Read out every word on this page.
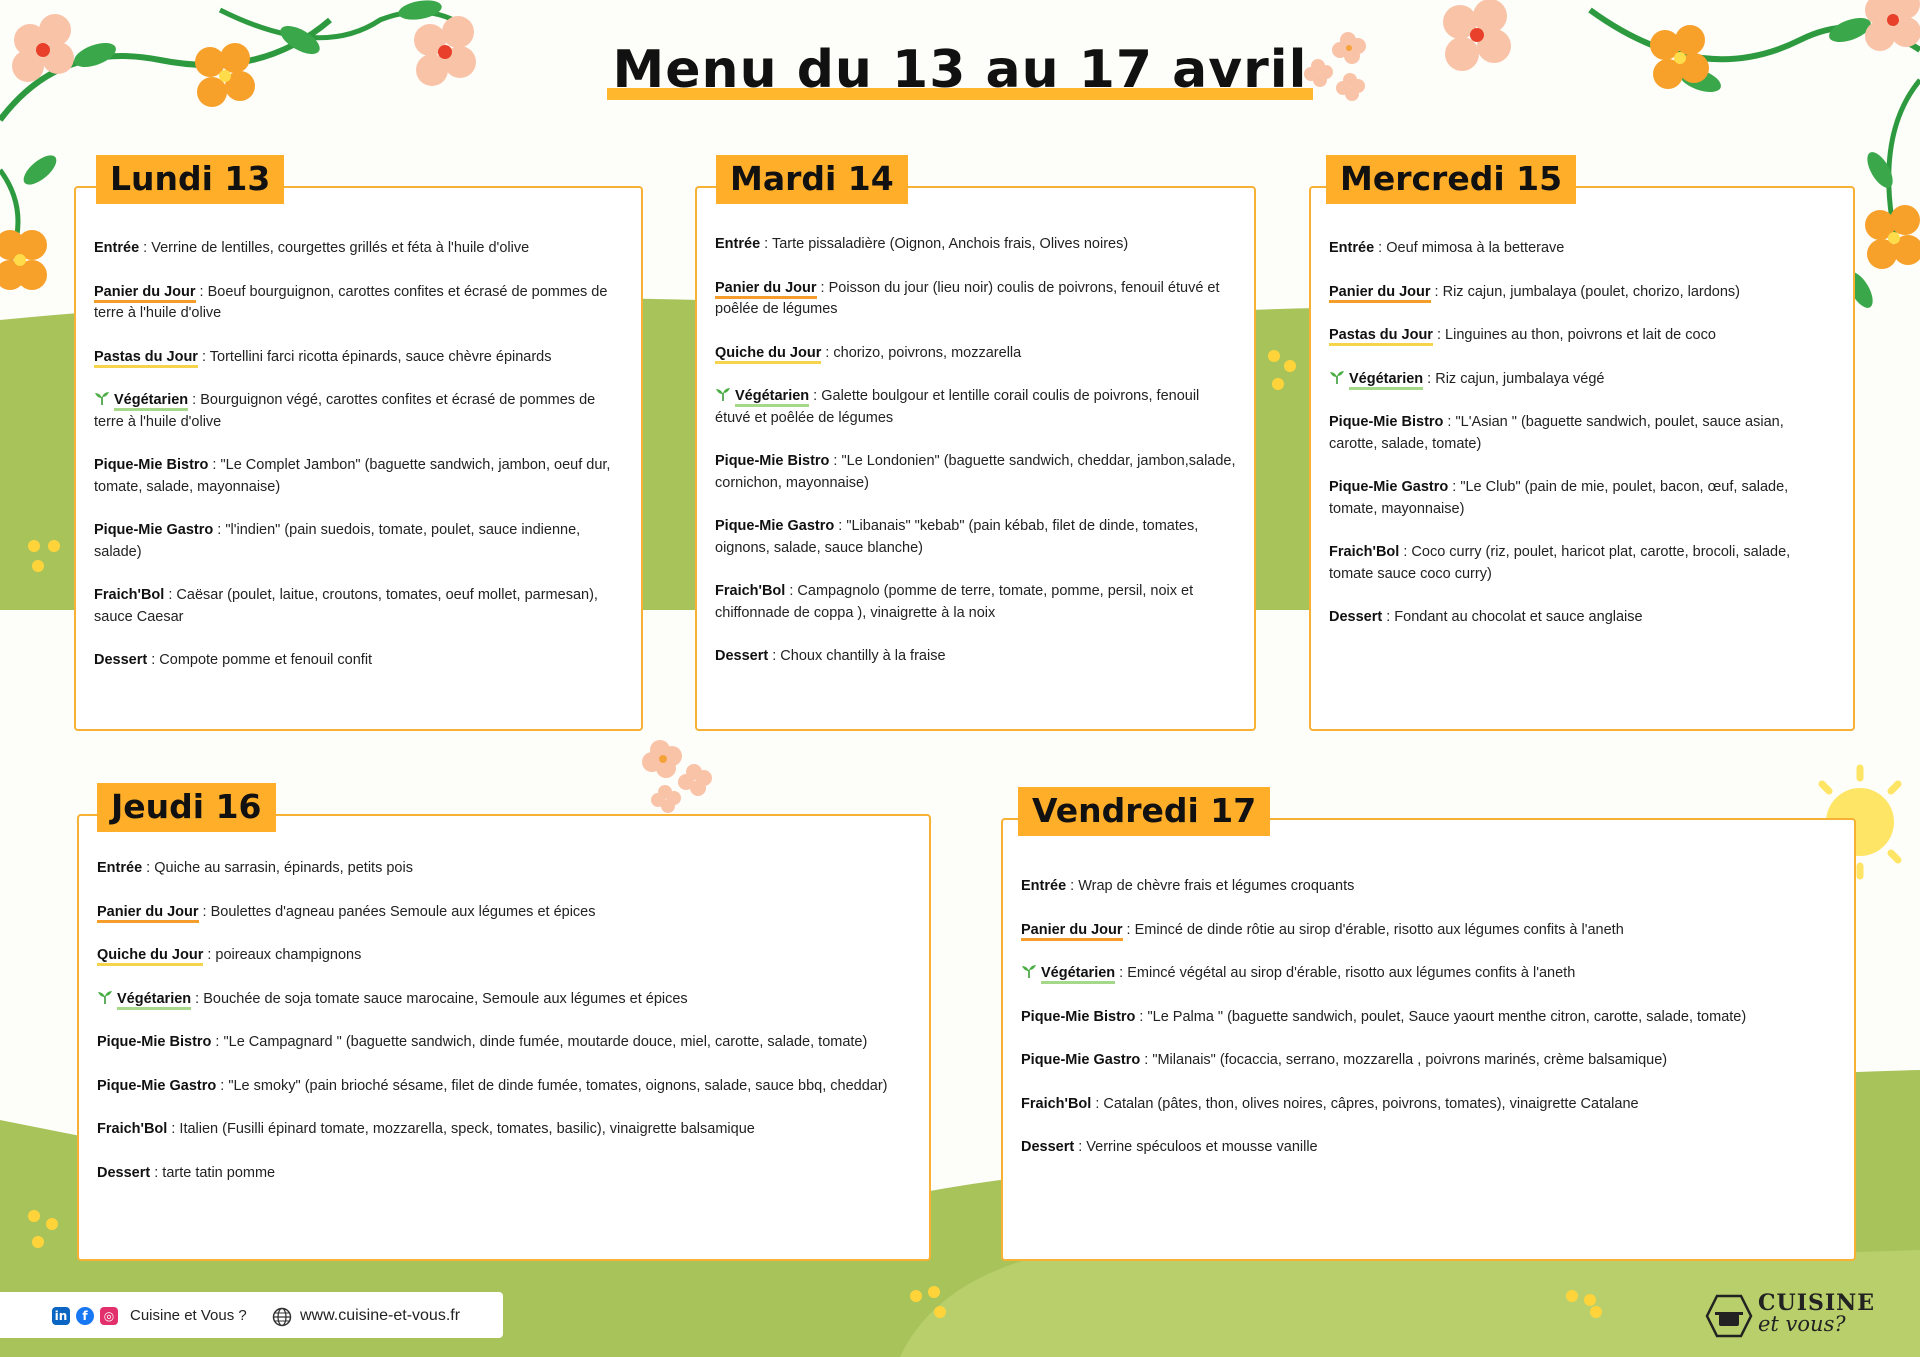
Menu du 13 au 17 avril
Entrée : Verrine de lentilles, courgettes grillés et féta à l'huile d'olive
Panier du Jour : Boeuf bourguignon, carottes confites et écrasé de pommes de terre à l'huile d'olive
Pastas du Jour : Tortellini farci ricotta épinards, sauce chèvre épinards
Végétarien : Bourguignon végé, carottes confites et écrasé de pommes de terre à l'huile d'olive
Pique-Mie Bistro : "Le Complet Jambon" (baguette sandwich, jambon, oeuf dur, tomate, salade, mayonnaise)
Pique-Mie Gastro : "l'indien" (pain suedois, tomate, poulet, sauce indienne, salade)
Fraich'Bol : Caësar (poulet, laitue, croutons, tomates, oeuf mollet, parmesan), sauce Caesar
Dessert : Compote pomme et fenouil confit
Lundi 13
Entrée : Tarte pissaladière (Oignon, Anchois frais, Olives noires)
Panier du Jour : Poisson du jour (lieu noir) coulis de poivrons, fenouil étuvé et poêlée de légumes
Quiche du Jour : chorizo, poivrons, mozzarella
Végétarien : Galette boulgour et lentille corail coulis de poivrons, fenouil étuvé et poêlée de légumes
Pique-Mie Bistro : "Le Londonien" (baguette sandwich, cheddar, jambon,salade, cornichon, mayonnaise)
Pique-Mie Gastro : "Libanais" "kebab" (pain kébab, filet de dinde, tomates, oignons, salade, sauce blanche)
Fraich'Bol : Campagnolo (pomme de terre, tomate, pomme, persil, noix et chiffonnade de coppa ), vinaigrette à la noix
Dessert : Choux chantilly à la fraise
Mardi 14
Entrée : Oeuf mimosa à la betterave
Panier du Jour : Riz cajun, jumbalaya (poulet, chorizo, lardons)
Pastas du Jour : Linguines au thon, poivrons et lait de coco
Végétarien : Riz cajun, jumbalaya végé
Pique-Mie Bistro : "L'Asian " (baguette sandwich, poulet, sauce asian, carotte, salade, tomate)
Pique-Mie Gastro : "Le Club" (pain de mie, poulet, bacon, œuf, salade, tomate, mayonnaise)
Fraich'Bol : Coco curry (riz, poulet, haricot plat, carotte, brocoli, salade, tomate sauce coco curry)
Dessert : Fondant au chocolat et sauce anglaise
Mercredi 15
Entrée : Quiche au sarrasin, épinards, petits pois
Panier du Jour : Boulettes d'agneau panées Semoule aux légumes et épices
Quiche du Jour : poireaux champignons
Végétarien : Bouchée de soja tomate sauce marocaine, Semoule aux légumes et épices
Pique-Mie Bistro : "Le Campagnard " (baguette sandwich, dinde fumée, moutarde douce, miel, carotte, salade, tomate)
Pique-Mie Gastro : "Le smoky" (pain brioché sésame, filet de dinde fumée, tomates, oignons, salade, sauce bbq, cheddar)
Fraich'Bol : Italien (Fusilli épinard tomate, mozzarella, speck, tomates, basilic), vinaigrette balsamique
Dessert : tarte tatin pomme
Jeudi 16
Entrée : Wrap de chèvre frais et légumes croquants
Panier du Jour : Emincé de dinde rôtie au sirop d'érable, risotto aux légumes confits à l'aneth
Végétarien : Emincé végétal au sirop d'érable, risotto aux légumes confits à l'aneth
Pique-Mie Bistro : "Le Palma " (baguette sandwich, poulet, Sauce yaourt menthe citron, carotte, salade, tomate)
Pique-Mie Gastro : "Milanais" (focaccia, serrano, mozzarella , poivrons marinés, crème balsamique)
Fraich'Bol : Catalan (pâtes, thon, olives noires, câpres, poivrons, tomates), vinaigrette Catalane
Dessert : Verrine spéculoos et mousse vanille
Vendredi 17
in	f	◎ Cuisine et Vous ?	www.cuisine-et-vous.fr	CUISINE
et vous?
